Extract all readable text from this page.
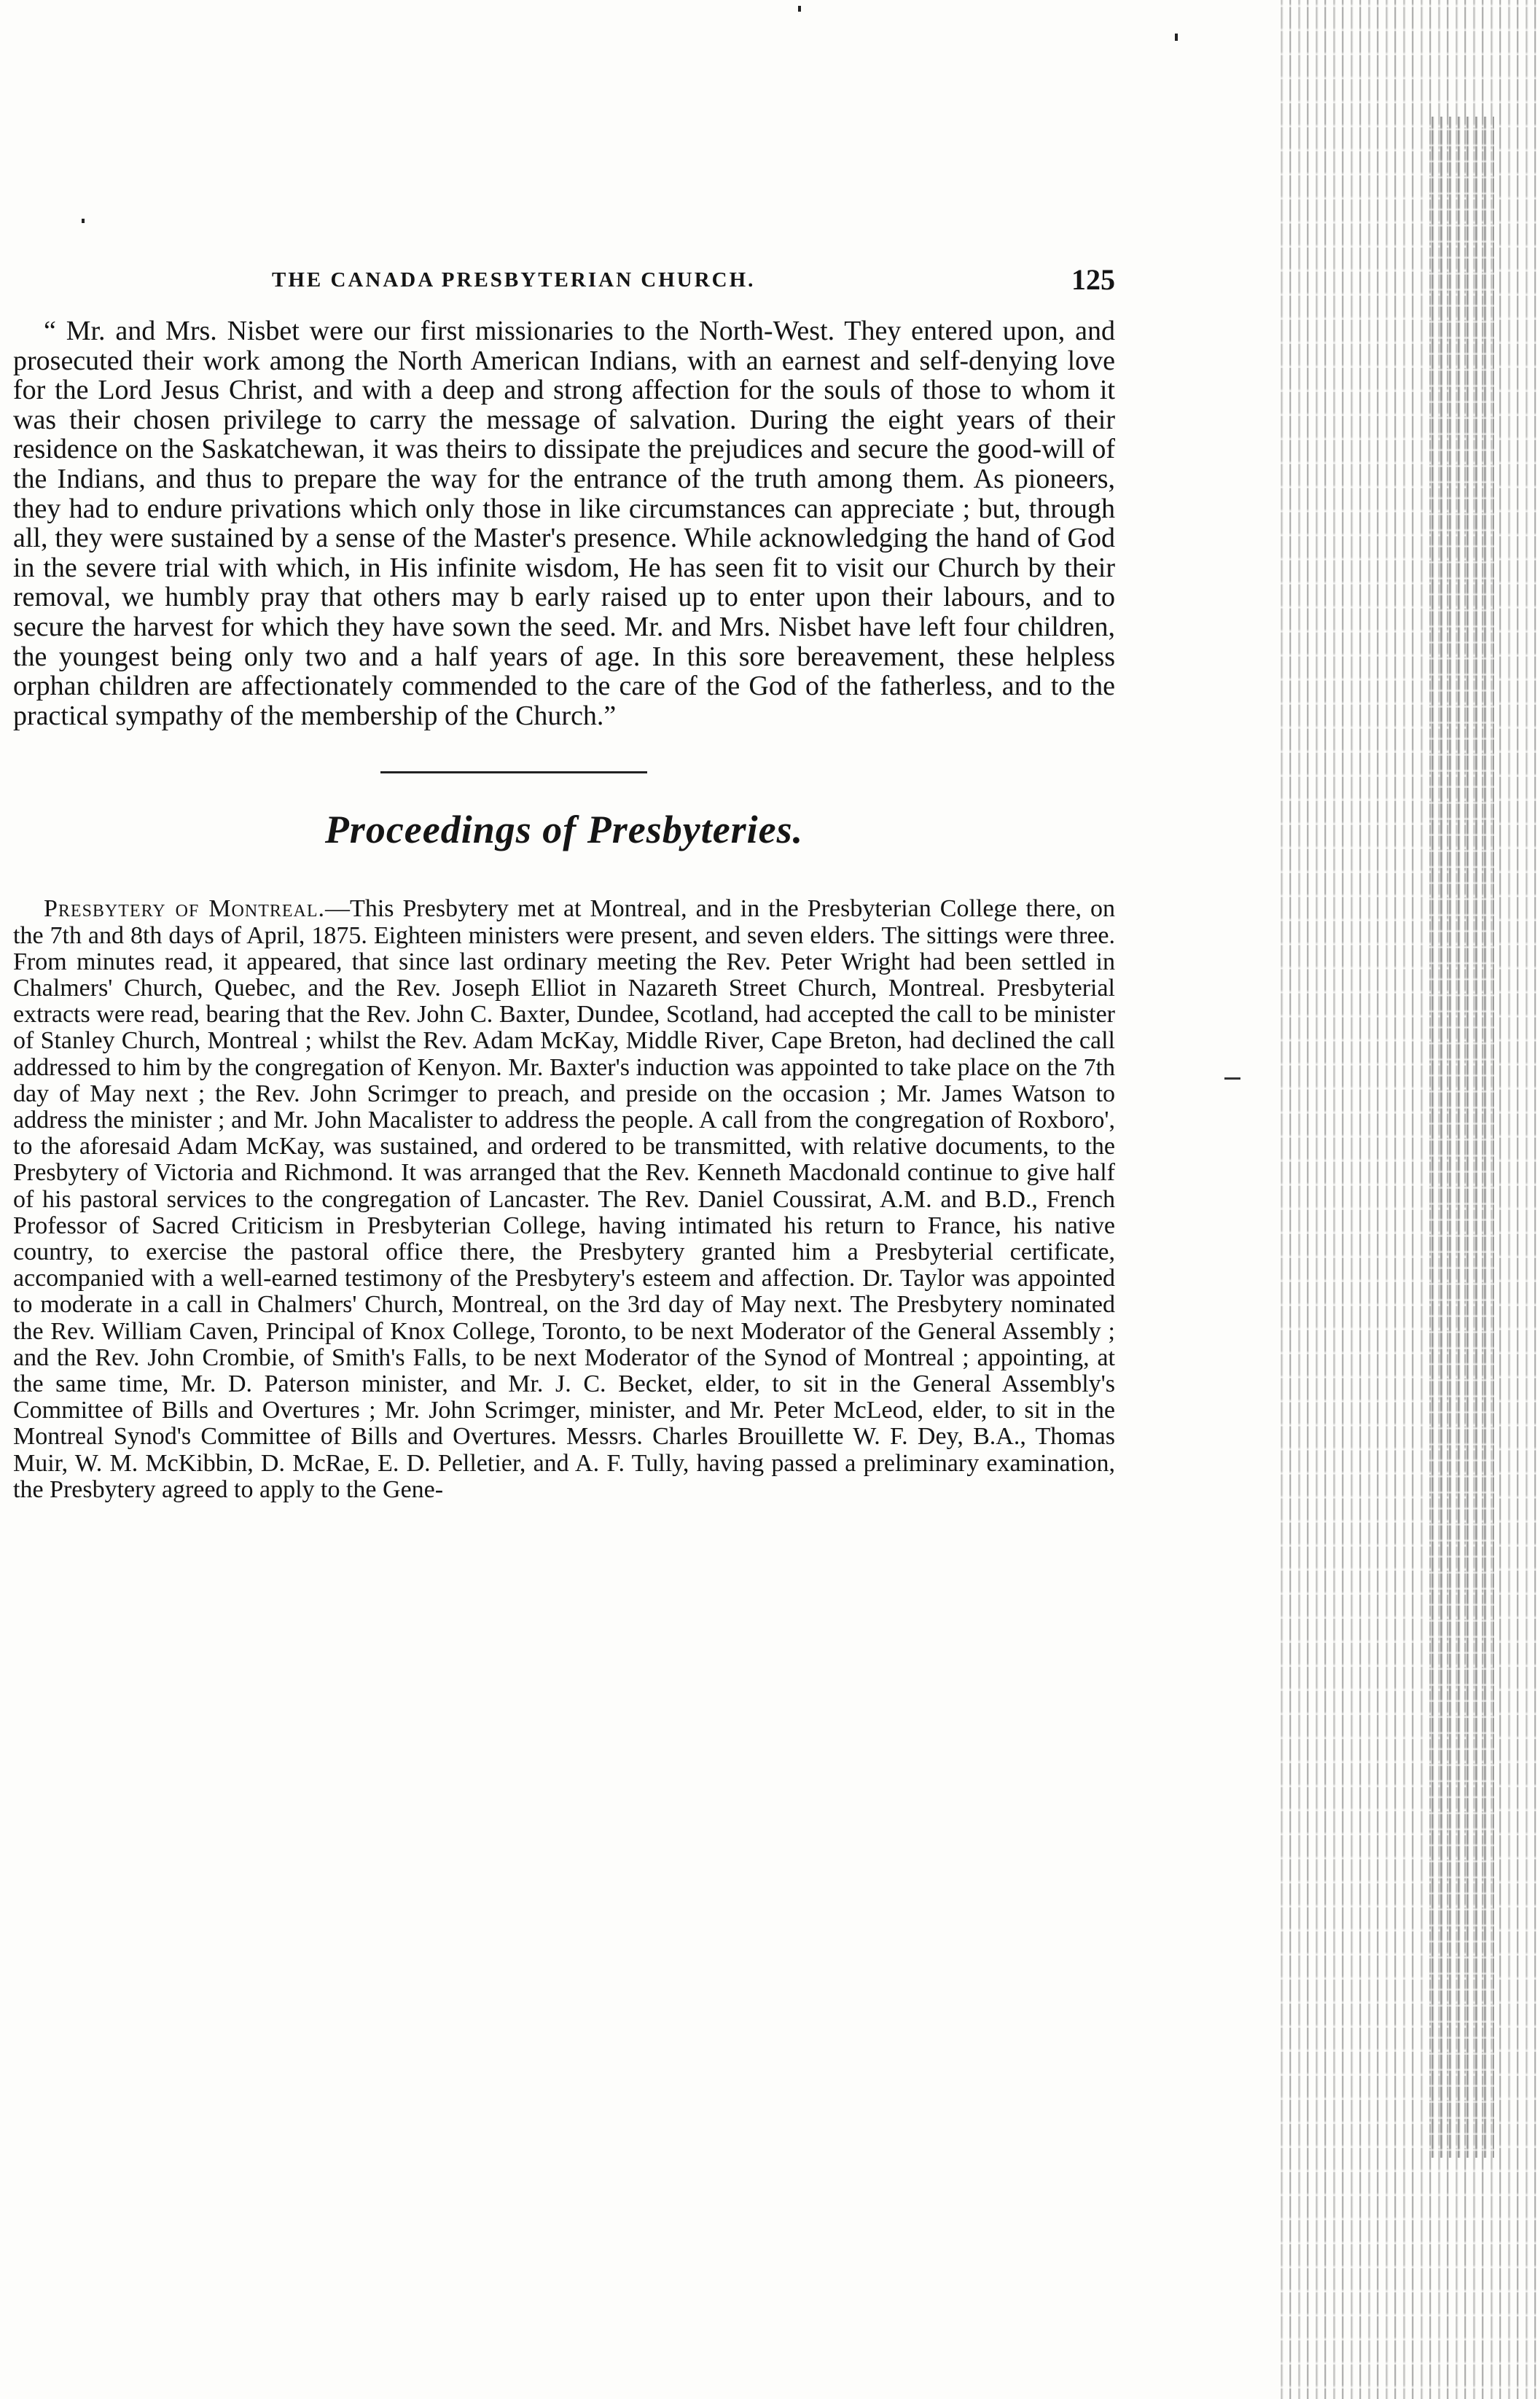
THE CANADA PRESBYTERIAN CHURCH.	125

“ Mr. and Mrs. Nisbet were our first missionaries to the North-West. They entered upon, and prosecuted their work among the North American Indians, with an earnest and self-denying love for the Lord Jesus Christ, and with a deep and strong affection for the souls of those to whom it was their chosen privilege to carry the message of salvation. During the eight years of their residence on the Saskatchewan, it was theirs to dissipate the prejudices and secure the good-will of the Indians, and thus to prepare the way for the entrance of the truth among them. As pioneers, they had to endure privations which only those in like circumstances can appreciate ; but, through all, they were sustained by a sense of the Master's presence. While acknowledging the hand of God in the severe trial with which, in His infinite wisdom, He has seen fit to visit our Church by their removal, we humbly pray that others may b early raised up to enter upon their labours, and to secure the harvest for which they have sown the seed. Mr. and Mrs. Nisbet have left four children, the youngest being only two and a half years of age. In this sore bereavement, these helpless orphan children are affectionately commended to the care of the God of the fatherless, and to the practical sympathy of the membership of the Church.”

Proceedings of Presbyteries.

Presbytery of Montreal.—This Presbytery met at Montreal, and in the Presbyterian College there, on the 7th and 8th days of April, 1875. Eighteen ministers were present, and seven elders. The sittings were three. From minutes read, it appeared, that since last ordinary meeting the Rev. Peter Wright had been settled in Chalmers' Church, Quebec, and the Rev. Joseph Elliot in Nazareth Street Church, Montreal. Presbyterial extracts were read, bearing that the Rev. John C. Baxter, Dundee, Scotland, had accepted the call to be minister of Stanley Church, Montreal ; whilst the Rev. Adam McKay, Middle River, Cape Breton, had declined the call addressed to him by the congregation of Kenyon. Mr. Baxter's induction was appointed to take place on the 7th day of May next ; the Rev. John Scrimger to preach, and preside on the occasion ; Mr. James Watson to address the minister ; and Mr. John Macalister to address the people. A call from the congregation of Roxboro', to the aforesaid Adam McKay, was sustained, and ordered to be transmitted, with relative documents, to the Presbytery of Victoria and Richmond. It was arranged that the Rev. Kenneth Macdonald continue to give half of his pastoral services to the congregation of Lancaster. The Rev. Daniel Coussirat, A.M. and B.D., French Professor of Sacred Criticism in Presbyterian College, having intimated his return to France, his native country, to exercise the pastoral office there, the Presbytery granted him a Presbyterial certificate, accompanied with a well-earned testimony of the Presbytery's esteem and affection. Dr. Taylor was appointed to moderate in a call in Chalmers' Church, Montreal, on the 3rd day of May next. The Presbytery nominated the Rev. William Caven, Principal of Knox College, Toronto, to be next Moderator of the General Assembly ; and the Rev. John Crombie, of Smith's Falls, to be next Moderator of the Synod of Montreal ; appointing, at the same time, Mr. D. Paterson minister, and Mr. J. C. Becket, elder, to sit in the General Assembly's Committee of Bills and Overtures ; Mr. John Scrimger, minister, and Mr. Peter McLeod, elder, to sit in the Montreal Synod's Committee of Bills and Overtures. Messrs. Charles Brouillette W. F. Dey, B.A., Thomas Muir, W. M. McKibbin, D. McRae, E. D. Pelletier, and A. F. Tully, having passed a preliminary examination, the Presbytery agreed to apply to the Gene-
